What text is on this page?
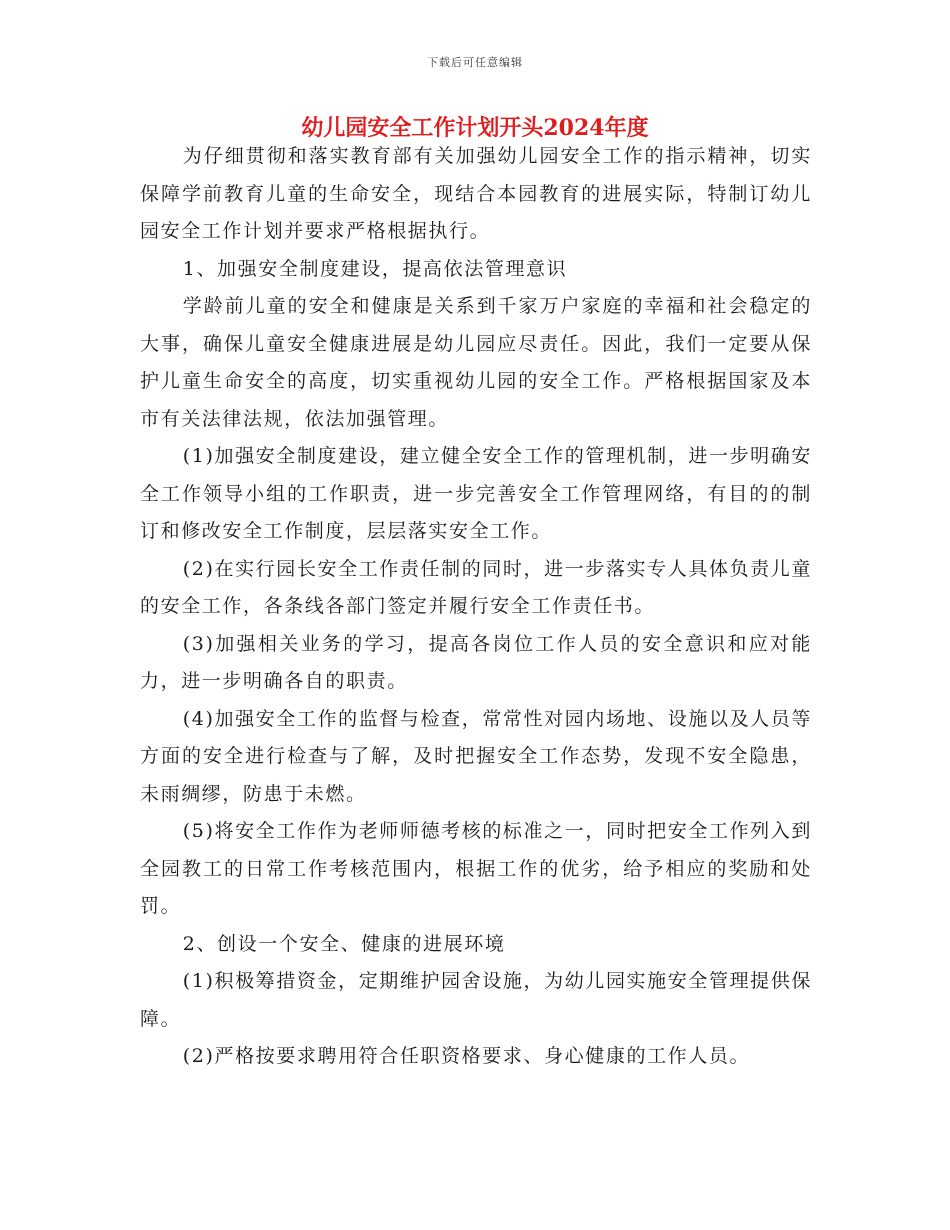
下载后可任意编辑
幼儿园安全工作计划开头2024年度

为仔细贯彻和落实教育部有关加强幼儿园安全工作的指示精神，切实保障学前教育儿童的生命安全，现结合本园教育的进展实际，特制订幼儿园安全工作计划并要求严格根据执行。

1、加强安全制度建设，提高依法管理意识

学龄前儿童的安全和健康是关系到千家万户家庭的幸福和社会稳定的大事，确保儿童安全健康进展是幼儿园应尽责任。因此，我们一定要从保护儿童生命安全的高度，切实重视幼儿园的安全工作。严格根据国家及本市有关法律法规，依法加强管理。

(1)加强安全制度建设，建立健全安全工作的管理机制，进一步明确安全工作领导小组的工作职责，进一步完善安全工作管理网络，有目的的制订和修改安全工作制度，层层落实安全工作。

(2)在实行园长安全工作责任制的同时，进一步落实专人具体负责儿童的安全工作，各条线各部门签定并履行安全工作责任书。

(3)加强相关业务的学习，提高各岗位工作人员的安全意识和应对能力，进一步明确各自的职责。

(4)加强安全工作的监督与检查，常常性对园内场地、设施以及人员等方面的安全进行检查与了解，及时把握安全工作态势，发现不安全隐患，未雨绸缪，防患于未燃。

(5)将安全工作作为老师师德考核的标准之一，同时把安全工作列入到全园教工的日常工作考核范围内，根据工作的优劣，给予相应的奖励和处罚。

2、创设一个安全、健康的进展环境

(1)积极筹措资金，定期维护园舍设施，为幼儿园实施安全管理提供保障。

(2)严格按要求聘用符合任职资格要求、身心健康的工作人员。
